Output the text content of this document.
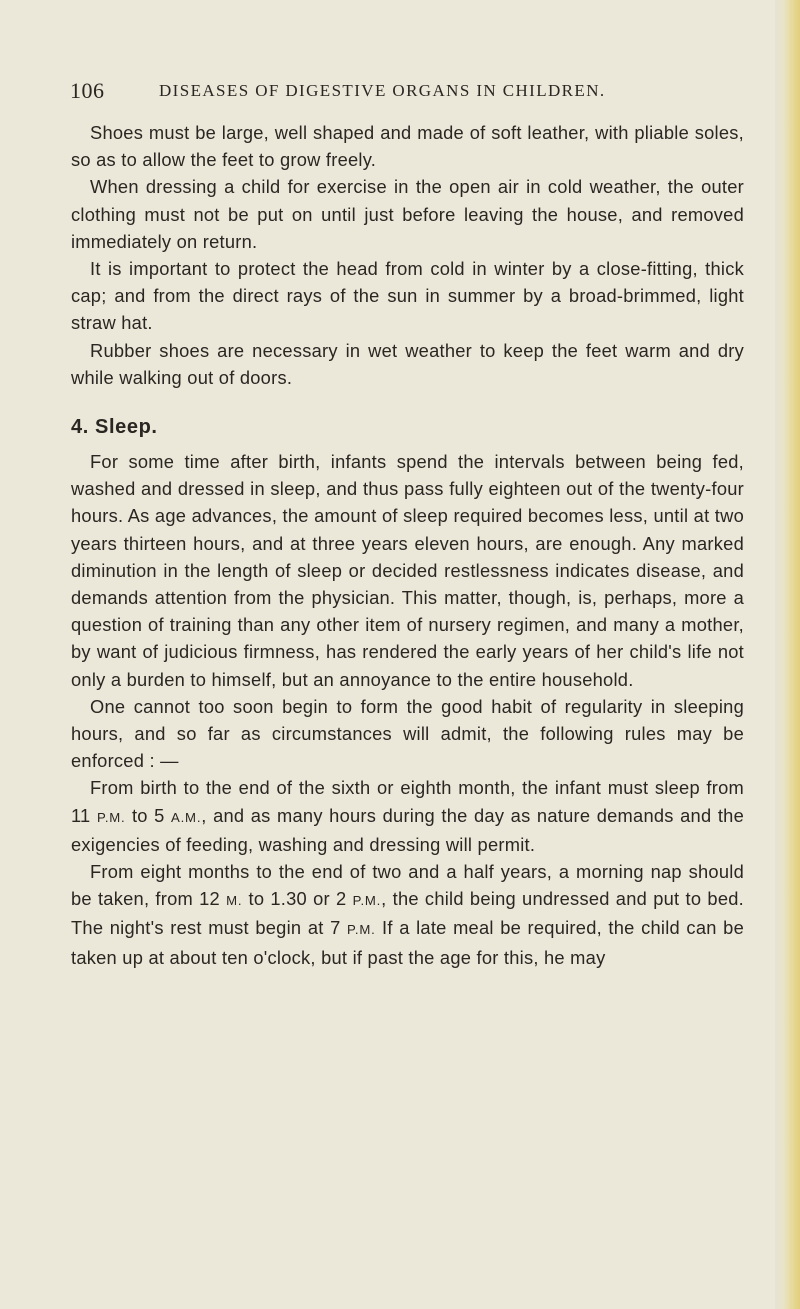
106	DISEASES OF DIGESTIVE ORGANS IN CHILDREN.

Shoes must be large, well shaped and made of soft leather, with pliable soles, so as to allow the feet to grow freely.

When dressing a child for exercise in the open air in cold weather, the outer clothing must not be put on until just before leaving the house, and removed immediately on return.

It is important to protect the head from cold in winter by a close-fitting, thick cap; and from the direct rays of the sun in summer by a broad-brimmed, light straw hat.

Rubber shoes are necessary in wet weather to keep the feet warm and dry while walking out of doors.

4. Sleep.

For some time after birth, infants spend the intervals between being fed, washed and dressed in sleep, and thus pass fully eighteen out of the twenty-four hours. As age advances, the amount of sleep required becomes less, until at two years thirteen hours, and at three years eleven hours, are enough. Any marked diminution in the length of sleep or decided restlessness indicates disease, and demands attention from the physician. This matter, though, is, perhaps, more a question of training than any other item of nursery regimen, and many a mother, by want of judicious firmness, has rendered the early years of her child's life not only a burden to himself, but an annoyance to the entire household.

One cannot too soon begin to form the good habit of regularity in sleeping hours, and so far as circumstances will admit, the following rules may be enforced : —

From birth to the end of the sixth or eighth month, the infant must sleep from 11 P.M. to 5 A.M., and as many hours during the day as nature demands and the exigencies of feeding, washing and dressing will permit.

From eight months to the end of two and a half years, a morning nap should be taken, from 12 M. to 1.30 or 2 P.M., the child being undressed and put to bed. The night's rest must begin at 7 P.M. If a late meal be required, the child can be taken up at about ten o'clock, but if past the age for this, he may
